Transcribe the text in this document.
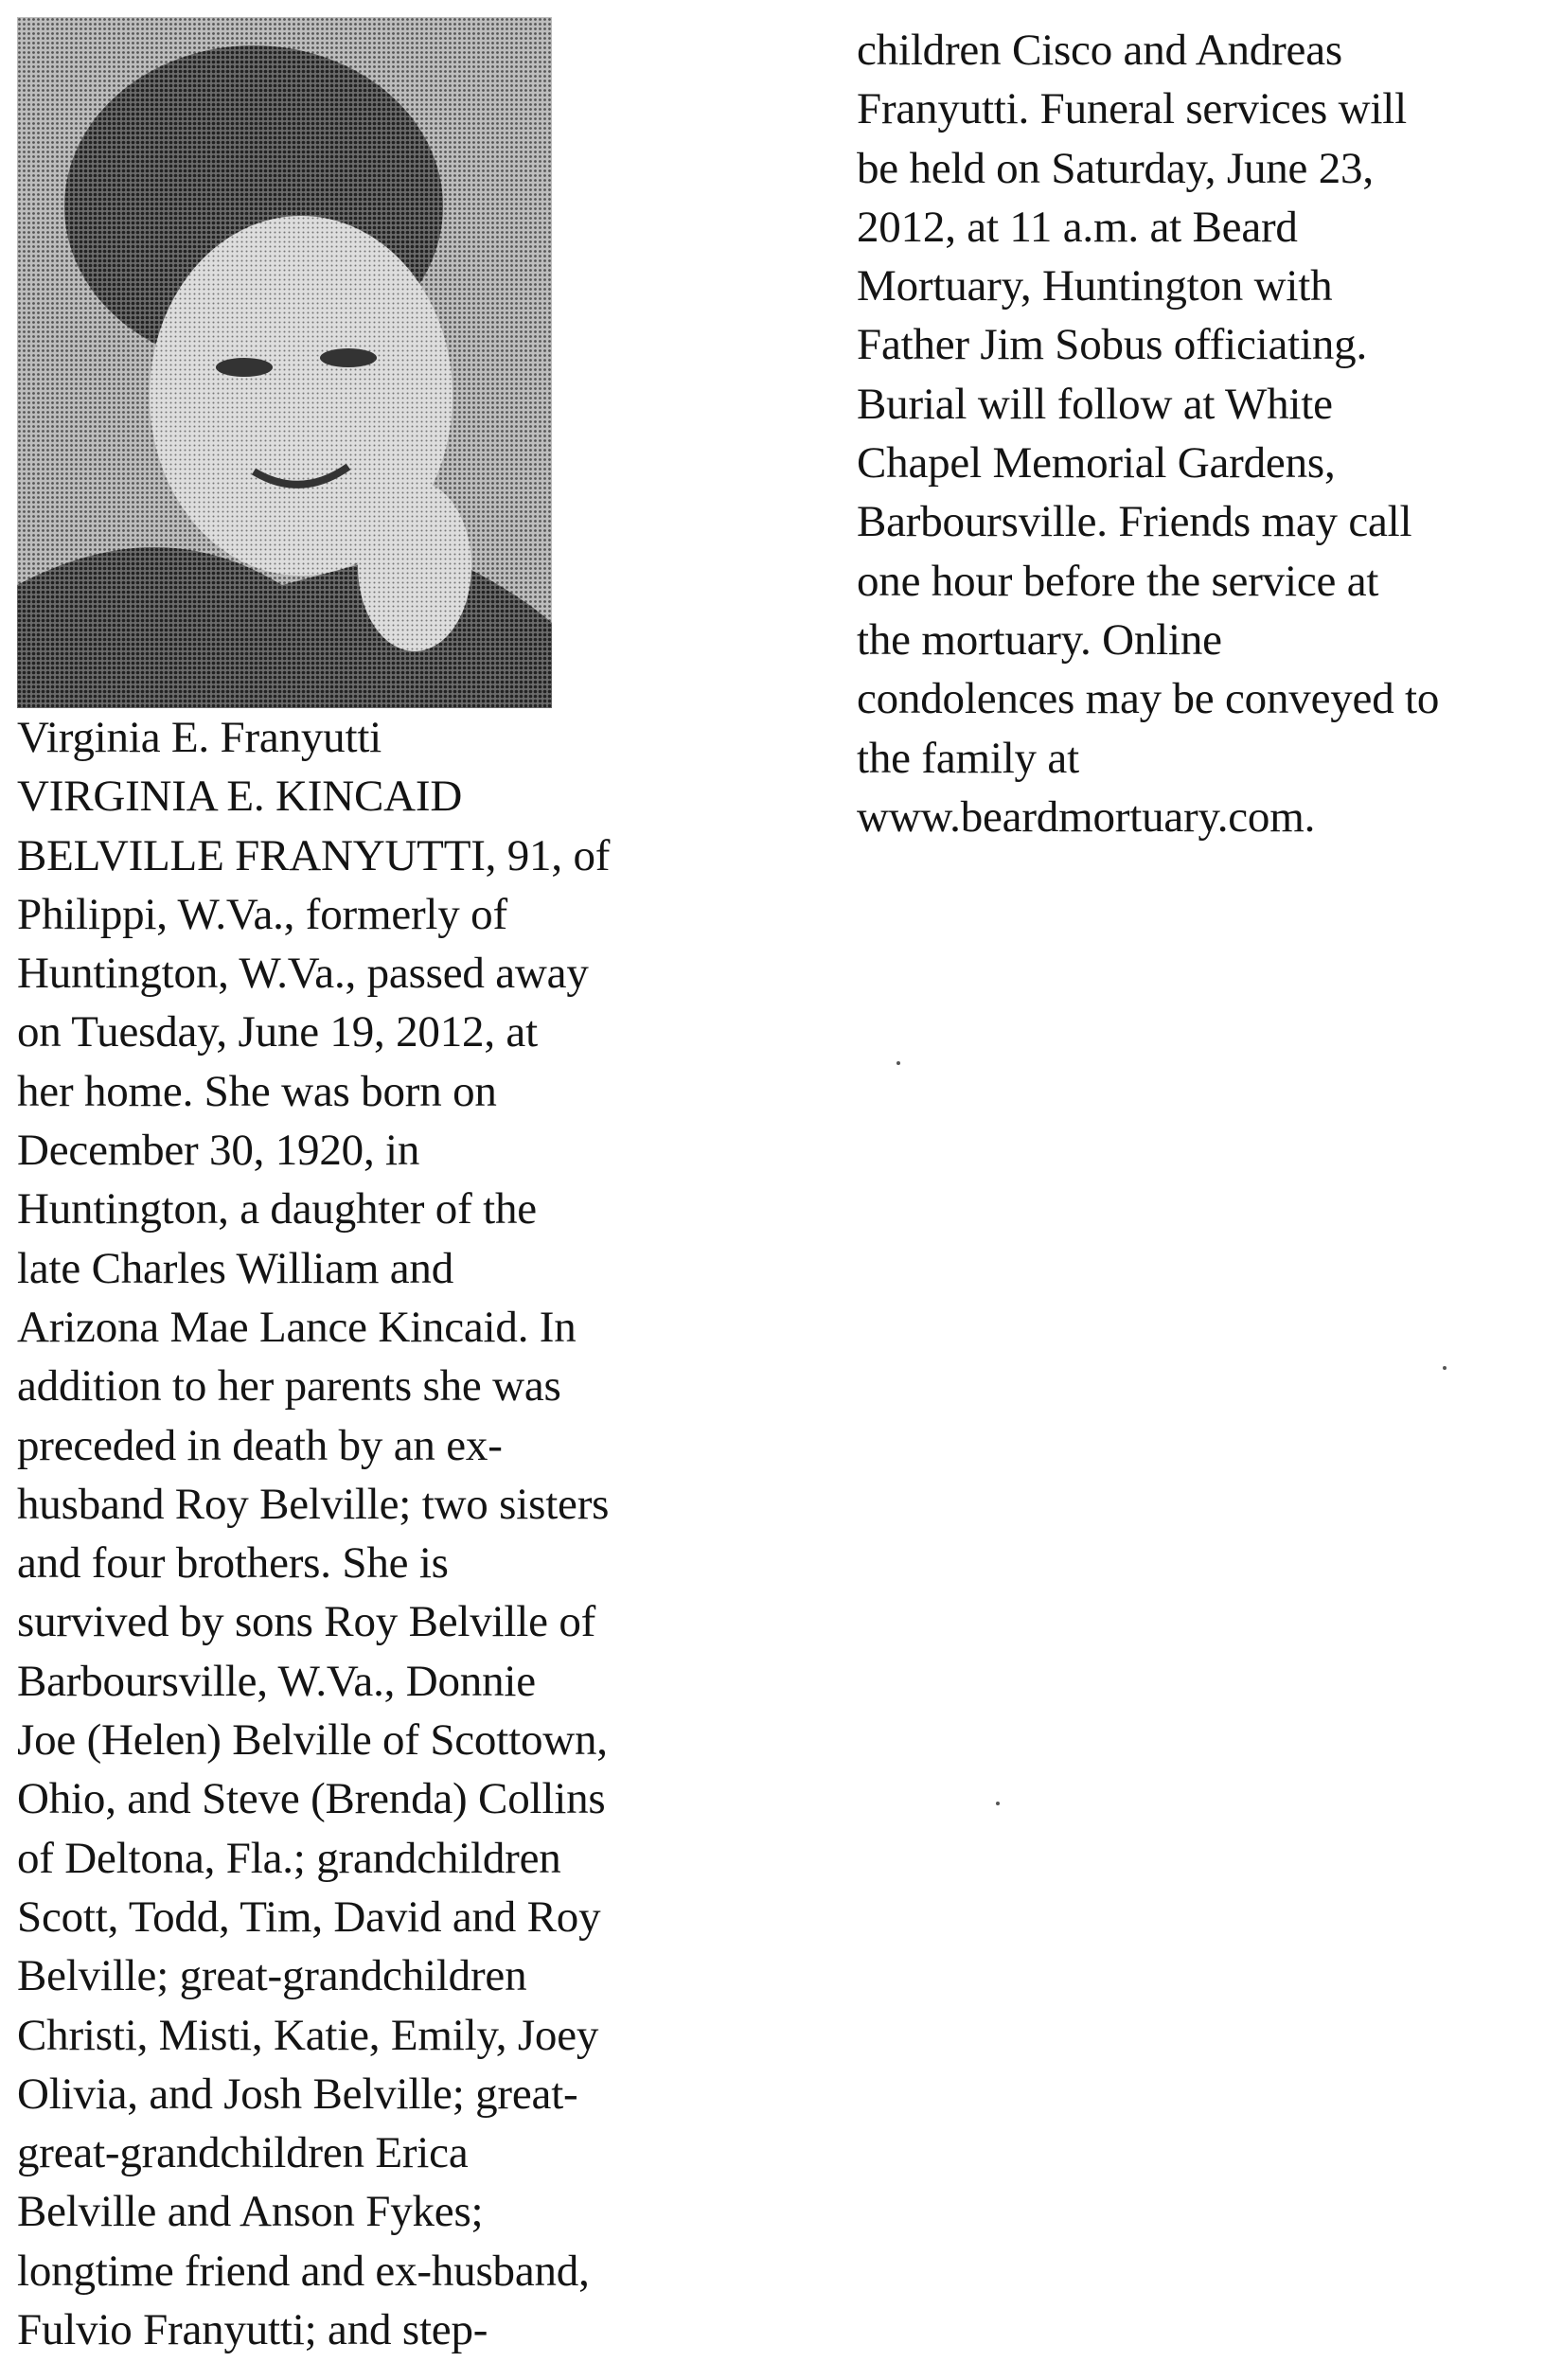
Virginia E. Franyutti
VIRGINIA E. KINCAID
BELVILLE FRANYUTTI, 91, of
Philippi, W.Va., formerly of
Huntington, W.Va., passed away
on Tuesday, June 19, 2012, at
her home. She was born on
December 30, 1920, in
Huntington, a daughter of the
late Charles William and
Arizona Mae Lance Kincaid. In
addition to her parents she was
preceded in death by an ex-
husband Roy Belville; two sisters
and four brothers. She is
survived by sons Roy Belville of
Barboursville, W.Va., Donnie
Joe (Helen) Belville of Scottown,
Ohio, and Steve (Brenda) Collins
of Deltona, Fla.; grandchildren
Scott, Todd, Tim, David and Roy
Belville; great-grandchildren
Christi, Misti, Katie, Emily, Joey
Olivia, and Josh Belville; great-
great-grandchildren Erica
Belville and Anson Fykes;
longtime friend and ex-husband,
Fulvio Franyutti; and step-
children Cisco and Andreas
Franyutti. Funeral services will
be held on Saturday, June 23,
2012, at 11 a.m. at Beard
Mortuary, Huntington with
Father Jim Sobus officiating.
Burial will follow at White
Chapel Memorial Gardens,
Barboursville. Friends may call
one hour before the service at
the mortuary. Online
condolences may be conveyed to
the family at
www.beardmortuary.com.
